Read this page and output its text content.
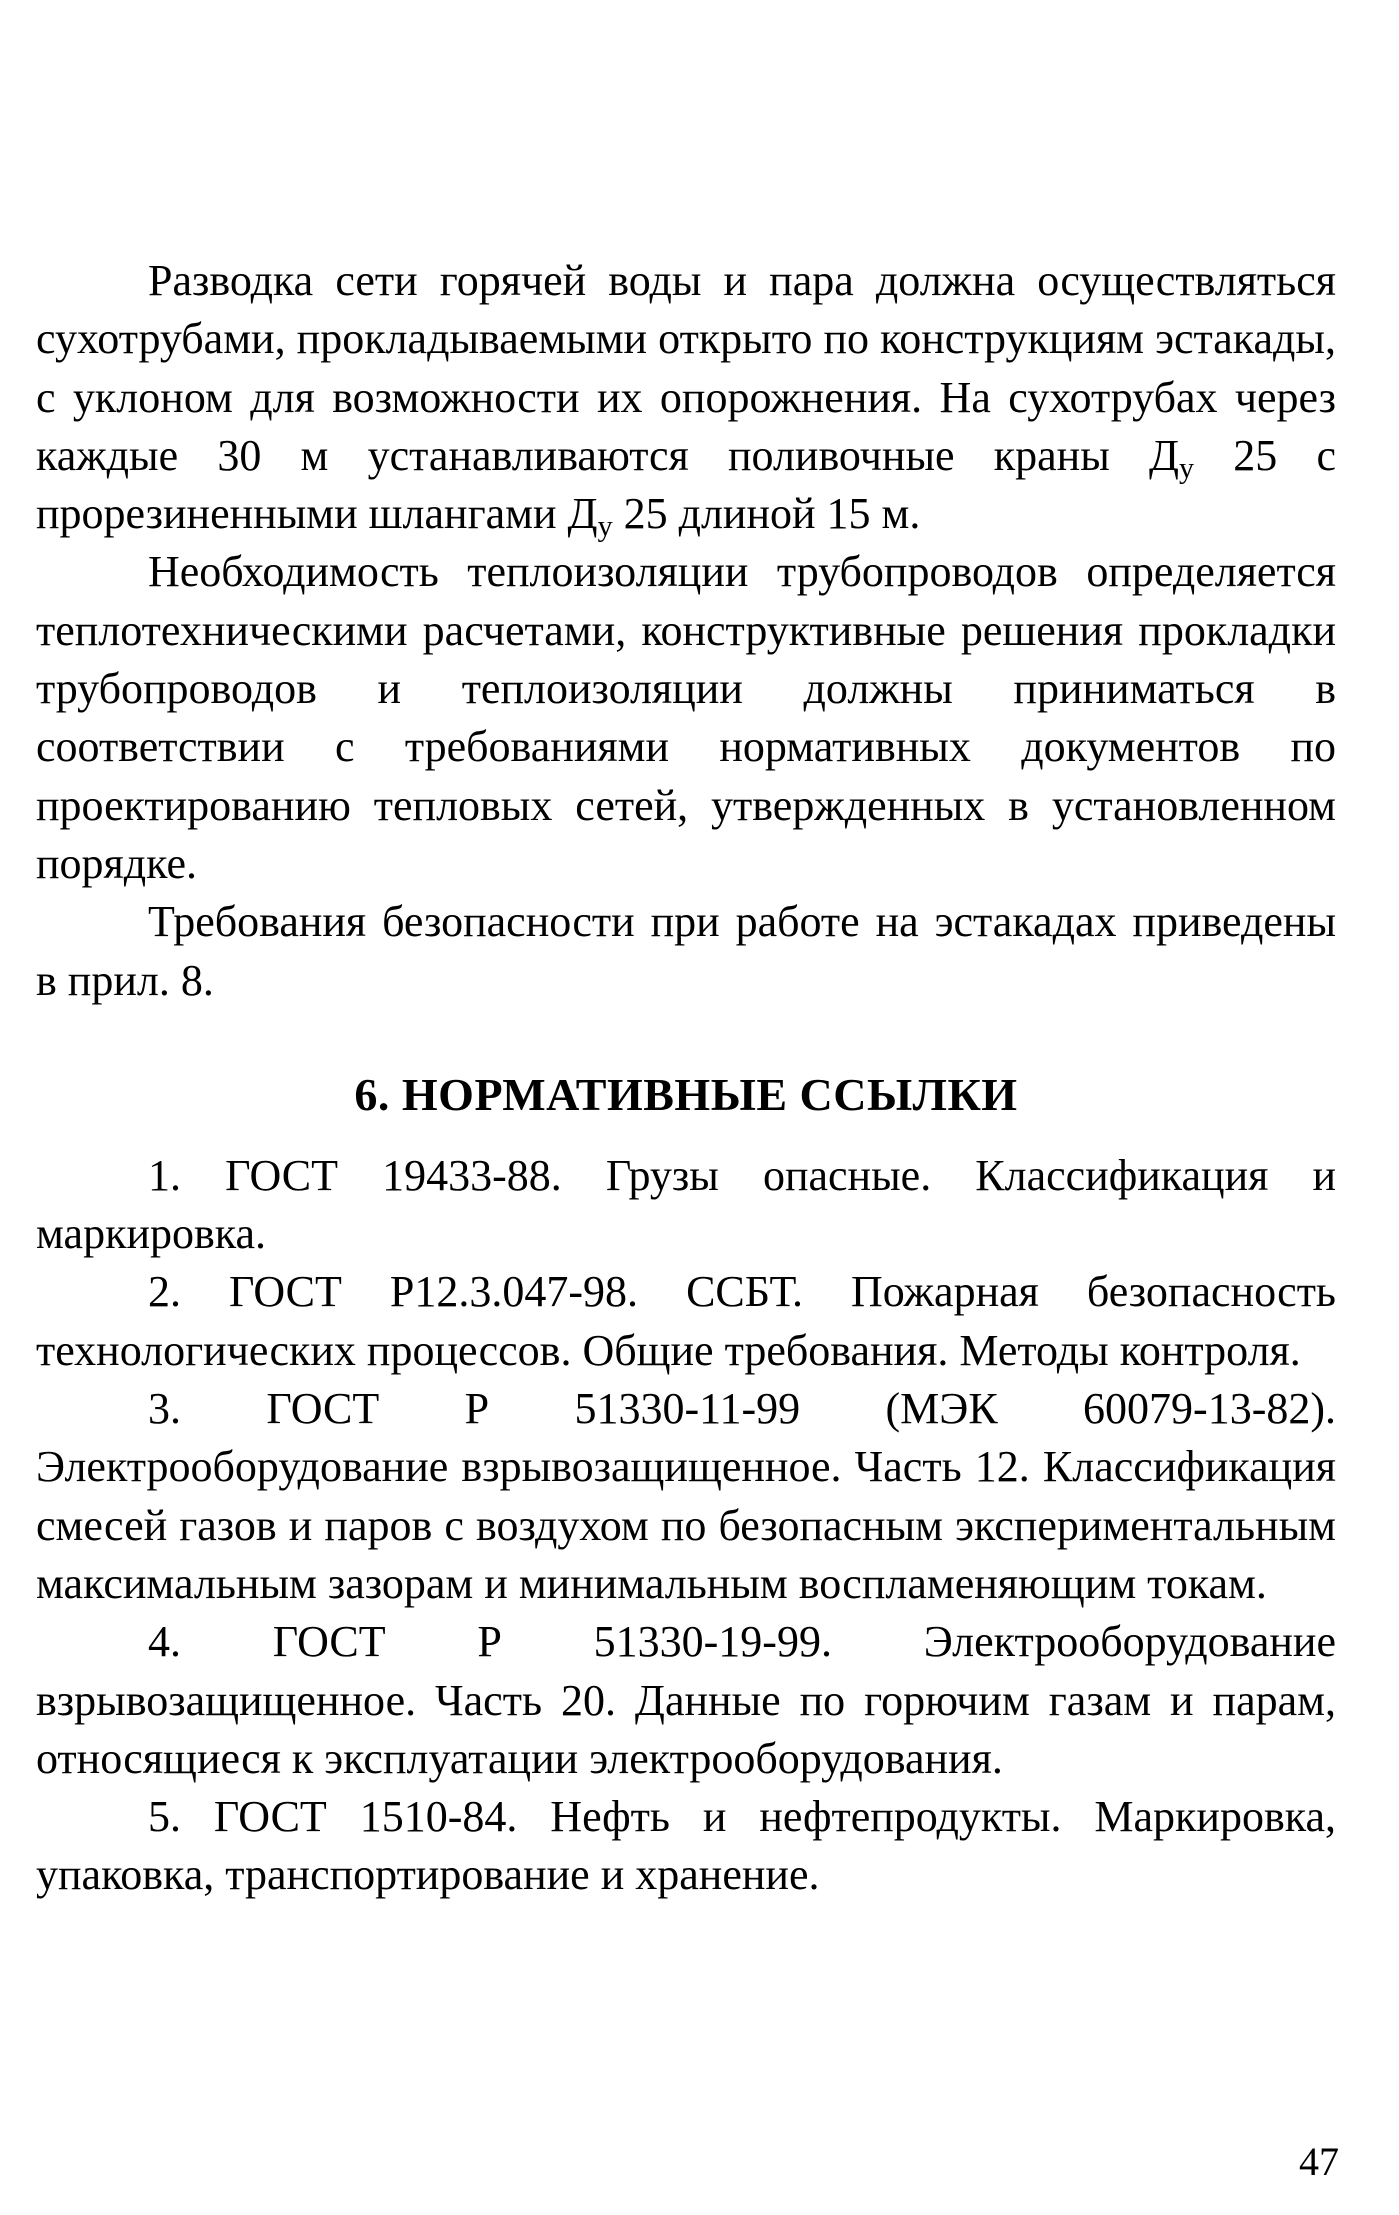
Разводка сети горячей воды и пара должна осуществляться сухотрубами, прокладываемыми открыто по конструкциям эстакады, с уклоном для возможности их опорожнения. На сухотрубах через каждые 30 м устанавливаются поливочные краны $Д_у$ 25 с прорезиненными шлангами $Д_у$ 25 длиной 15 м.

Необходимость теплоизоляции трубопроводов определяется теплотехническими расчетами, конструктивные решения прокладки трубопроводов и теплоизоляции должны приниматься в соответствии с требованиями нормативных документов по проектированию тепловых сетей, утвержденных в установленном порядке.

Требования безопасности при работе на эстакадах приведены в прил. 8.

6. НОРМАТИВНЫЕ ССЫЛКИ

1. ГОСТ 19433-88. Грузы опасные. Классификация и маркировка.

2. ГОСТ Р12.3.047-98. ССБТ. Пожарная безопасность технологических процессов. Общие требования. Методы контроля.

3. ГОСТ Р 51330-11-99 (МЭК 60079-13-82). Электрооборудование взрывозащищенное. Часть 12. Классификация смесей газов и паров с воздухом по безопасным экспериментальным максимальным зазорам и минимальным воспламеняющим токам.

4. ГОСТ Р 51330-19-99. Электрооборудование взрывозащищенное. Часть 20. Данные по горючим газам и парам, относящиеся к эксплуатации электрооборудования.

5. ГОСТ 1510-84. Нефть и нефтепродукты. Маркировка, упаковка, транспортирование и хранение.

47
